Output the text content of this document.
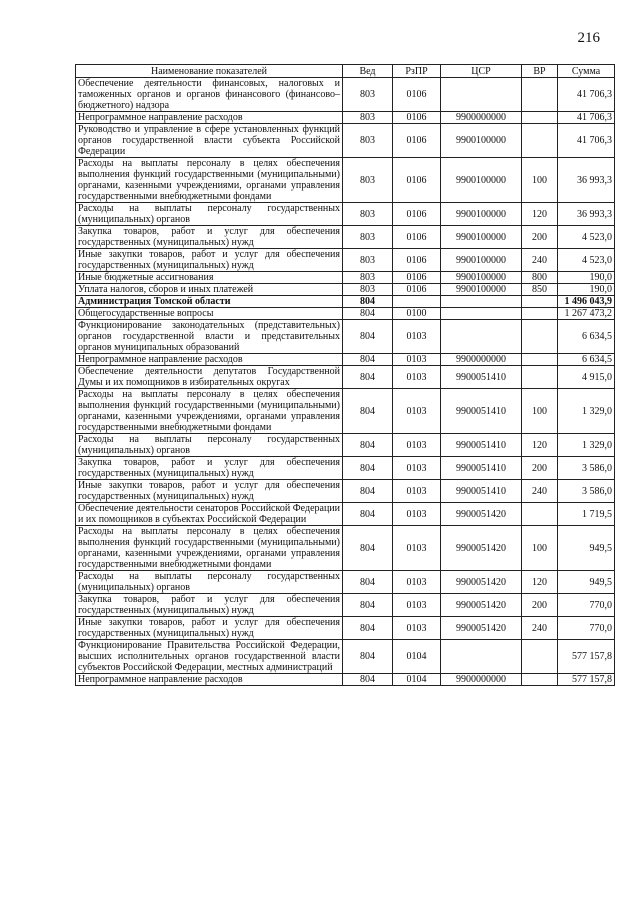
216
Наименование показателей	Вед	РзПР	ЦСР	ВР	Сумма
Обеспечение деятельности финансовых, налоговых и таможенных органов и органов финансового (финансово–бюджетного) надзора	803	0106			41 706,3
Непрограммное направление расходов	803	0106	9900000000		41 706,3
Руководство и управление в сфере установленных функций органов государственной власти субъекта Российской Федерации	803	0106	9900100000		41 706,3
Расходы на выплаты персоналу в целях обеспечения выполнения функций государственными (муниципальными) органами, казенными учреждениями, органами управления государственными внебюджетными фондами	803	0106	9900100000	100	36 993,3
Расходы на выплаты персоналу государственных (муниципальных) органов	803	0106	9900100000	120	36 993,3
Закупка товаров, работ и услуг для обеспечения государственных (муниципальных) нужд	803	0106	9900100000	200	4 523,0
Иные закупки товаров, работ и услуг для обеспечения государственных (муниципальных) нужд	803	0106	9900100000	240	4 523,0
Иные бюджетные ассигнования	803	0106	9900100000	800	190,0
Уплата налогов, сборов и иных платежей	803	0106	9900100000	850	190,0
Администрация Томской области	804				1 496 043,9
Общегосударственные вопросы	804	0100			1 267 473,2
Функционирование законодательных (представительных) органов государственной власти и представительных органов муниципальных образований	804	0103			6 634,5
Непрограммное направление расходов	804	0103	9900000000		6 634,5
Обеспечение деятельности депутатов Государственной Думы и их помощников в избирательных округах	804	0103	9900051410		4 915,0
Расходы на выплаты персоналу в целях обеспечения выполнения функций государственными (муниципальными) органами, казенными учреждениями, органами управления государственными внебюджетными фондами	804	0103	9900051410	100	1 329,0
Расходы на выплаты персоналу государственных (муниципальных) органов	804	0103	9900051410	120	1 329,0
Закупка товаров, работ и услуг для обеспечения государственных (муниципальных) нужд	804	0103	9900051410	200	3 586,0
Иные закупки товаров, работ и услуг для обеспечения государственных (муниципальных) нужд	804	0103	9900051410	240	3 586,0
Обеспечение деятельности сенаторов Российской Федерации и их помощников в субъектах Российской Федерации	804	0103	9900051420		1 719,5
Расходы на выплаты персоналу в целях обеспечения выполнения функций государственными (муниципальными) органами, казенными учреждениями, органами управления государственными внебюджетными фондами	804	0103	9900051420	100	949,5
Расходы на выплаты персоналу государственных (муниципальных) органов	804	0103	9900051420	120	949,5
Закупка товаров, работ и услуг для обеспечения государственных (муниципальных) нужд	804	0103	9900051420	200	770,0
Иные закупки товаров, работ и услуг для обеспечения государственных (муниципальных) нужд	804	0103	9900051420	240	770,0
Функционирование Правительства Российской Федерации, высших исполнительных органов государственной власти субъектов Российской Федерации, местных администраций	804	0104			577 157,8
Непрограммное направление расходов	804	0104	9900000000		577 157,8
